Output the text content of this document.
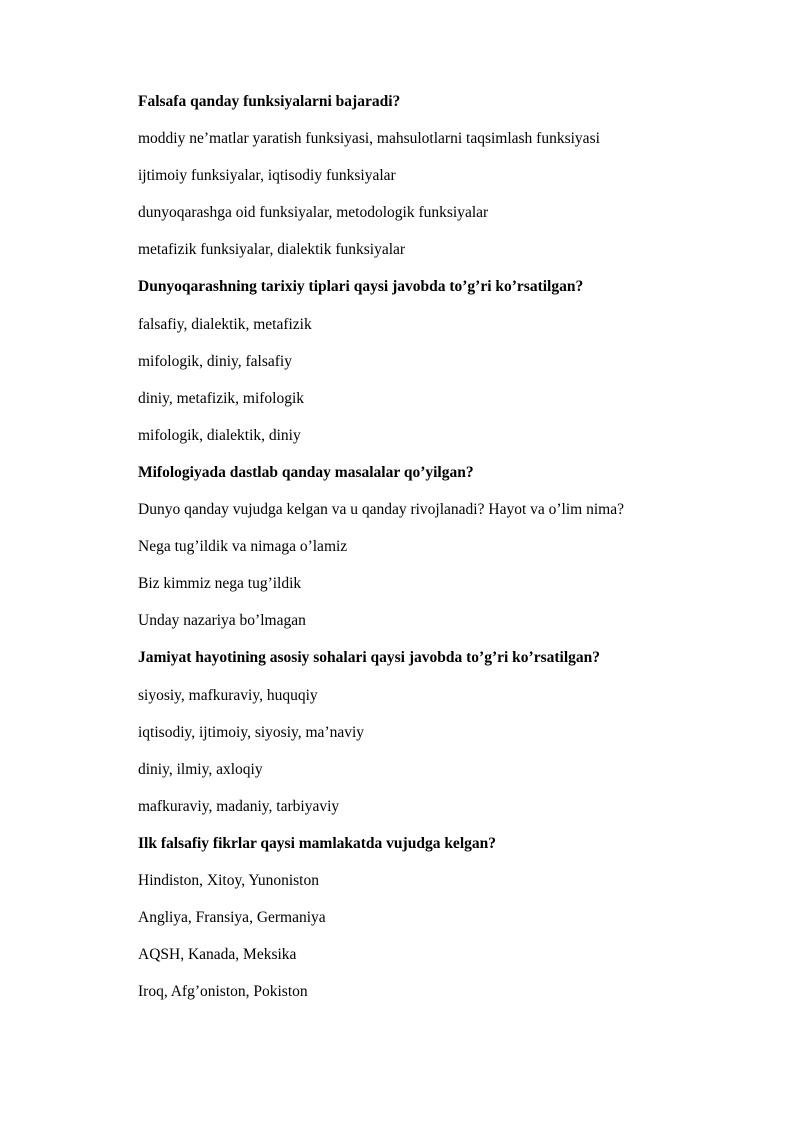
Falsafa qanday funksiyalarni bajaradi?
moddiy ne’matlar yaratish funksiyasi, mahsulotlarni taqsimlash funksiyasi
ijtimoiy funksiyalar, iqtisodiy funksiyalar
dunyoqarashga oid funksiyalar, metodologik funksiyalar
metafizik funksiyalar, dialektik funksiyalar
Dunyoqarashning tarixiy tiplari qaysi javobda to’g’ri ko’rsatilgan?
falsafiy, dialektik, metafizik
mifologik, diniy, falsafiy
diniy, metafizik, mifologik
mifologik, dialektik, diniy
Mifologiyada dastlab qanday masalalar qo’yilgan?
Dunyo qanday vujudga kelgan va u qanday rivojlanadi? Hayot va o’lim nima?
Nega tug’ildik va nimaga o’lamiz
Biz kimmiz nega tug’ildik
Unday nazariya bo’lmagan
Jamiyat hayotining asosiy sohalari qaysi javobda to’g’ri ko’rsatilgan?
siyosiy, mafkuraviy, huquqiy
iqtisodiy, ijtimoiy, siyosiy, ma’naviy
diniy, ilmiy, axloqiy
mafkuraviy, madaniy, tarbiyaviy
Ilk falsafiy fikrlar qaysi mamlakatda vujudga kelgan?
Hindiston, Xitoy, Yunoniston
Angliya, Fransiya, Germaniya
AQSH, Kanada, Meksika
Iroq, Afg’oniston, Pokiston
